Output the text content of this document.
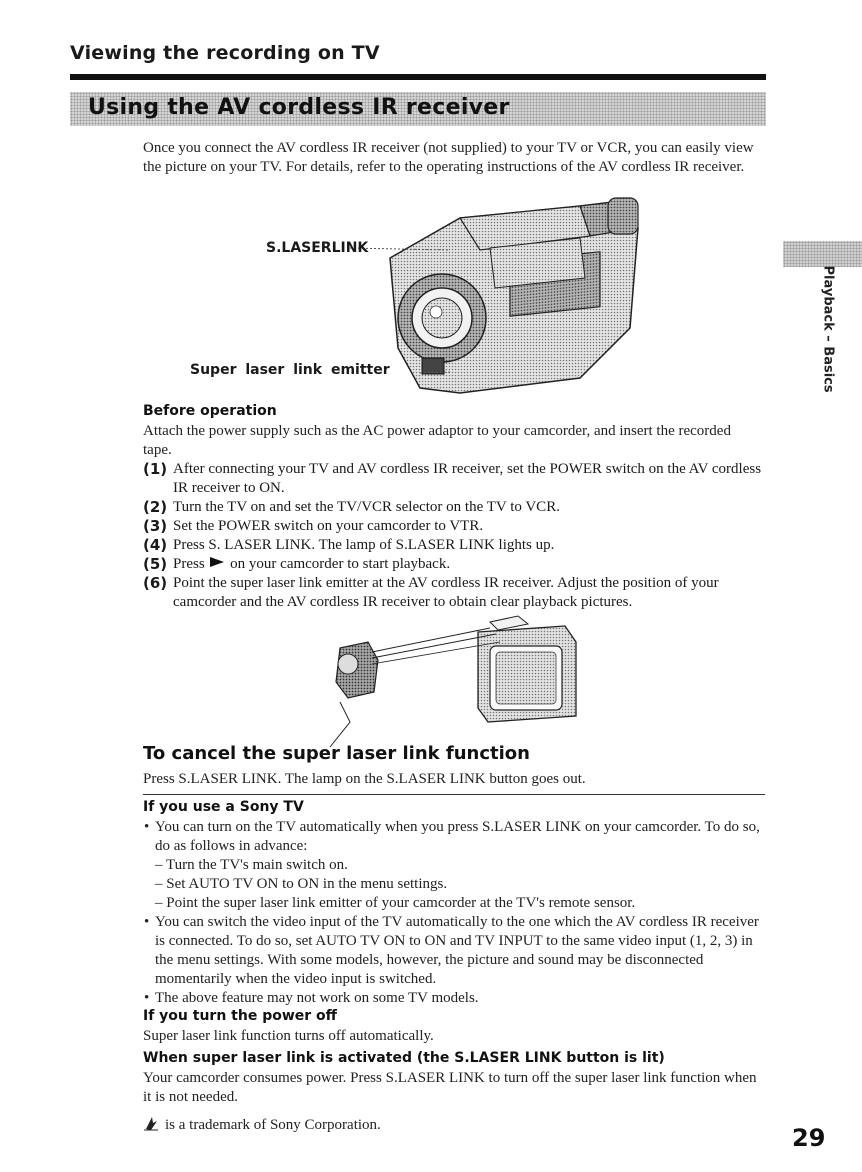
Viewing the recording on TV
Using the AV cordless IR receiver
Once you connect the AV cordless IR receiver (not supplied) to your TV or VCR, you can easily view the picture on your TV. For details, refer to the operating instructions of the AV cordless IR receiver.
Playback – Basics
S.LASERLINK
Super laser link emitter
Before operation
Attach the power supply such as the AC power adaptor to your camcorder, and insert the recorded tape.

(1) After connecting your TV and AV cordless IR receiver, set the POWER switch on the AV cordless IR receiver to ON.

(2) Turn the TV on and set the TV/VCR selector on the TV to VCR.

(3) Set the POWER switch on your camcorder to VTR.

(4) Press S. LASER LINK. The lamp of S.LASER LINK lights up.

(5) Press on your camcorder to start playback.

(6) Point the super laser link emitter at the AV cordless IR receiver. Adjust the position of your camcorder and the AV cordless IR receiver to obtain clear playback pictures.

To cancel the super laser link function
Press S.LASER LINK. The lamp on the S.LASER LINK button goes out.
If you use a Sony TV
• You can turn on the TV automatically when you press S.LASER LINK on your camcorder. To do so, do as follows in advance:
– Turn the TV's main switch on.
– Set AUTO TV ON to ON in the menu settings.
– Point the super laser link emitter of your camcorder at the TV's remote sensor.
• You can switch the video input of the TV automatically to the one which the AV cordless IR receiver is connected. To do so, set AUTO TV ON to ON and TV INPUT to the same video input (1, 2, 3) in the menu settings. With some models, however, the picture and sound may be disconnected momentarily when the video input is switched.
• The above feature may not work on some TV models.
If you turn the power off
Super laser link function turns off automatically.
When super laser link is activated (the S.LASER LINK button is lit)
Your camcorder consumes power. Press S.LASER LINK to turn off the super laser link function when it is not needed.
is a trademark of Sony Corporation.	29
